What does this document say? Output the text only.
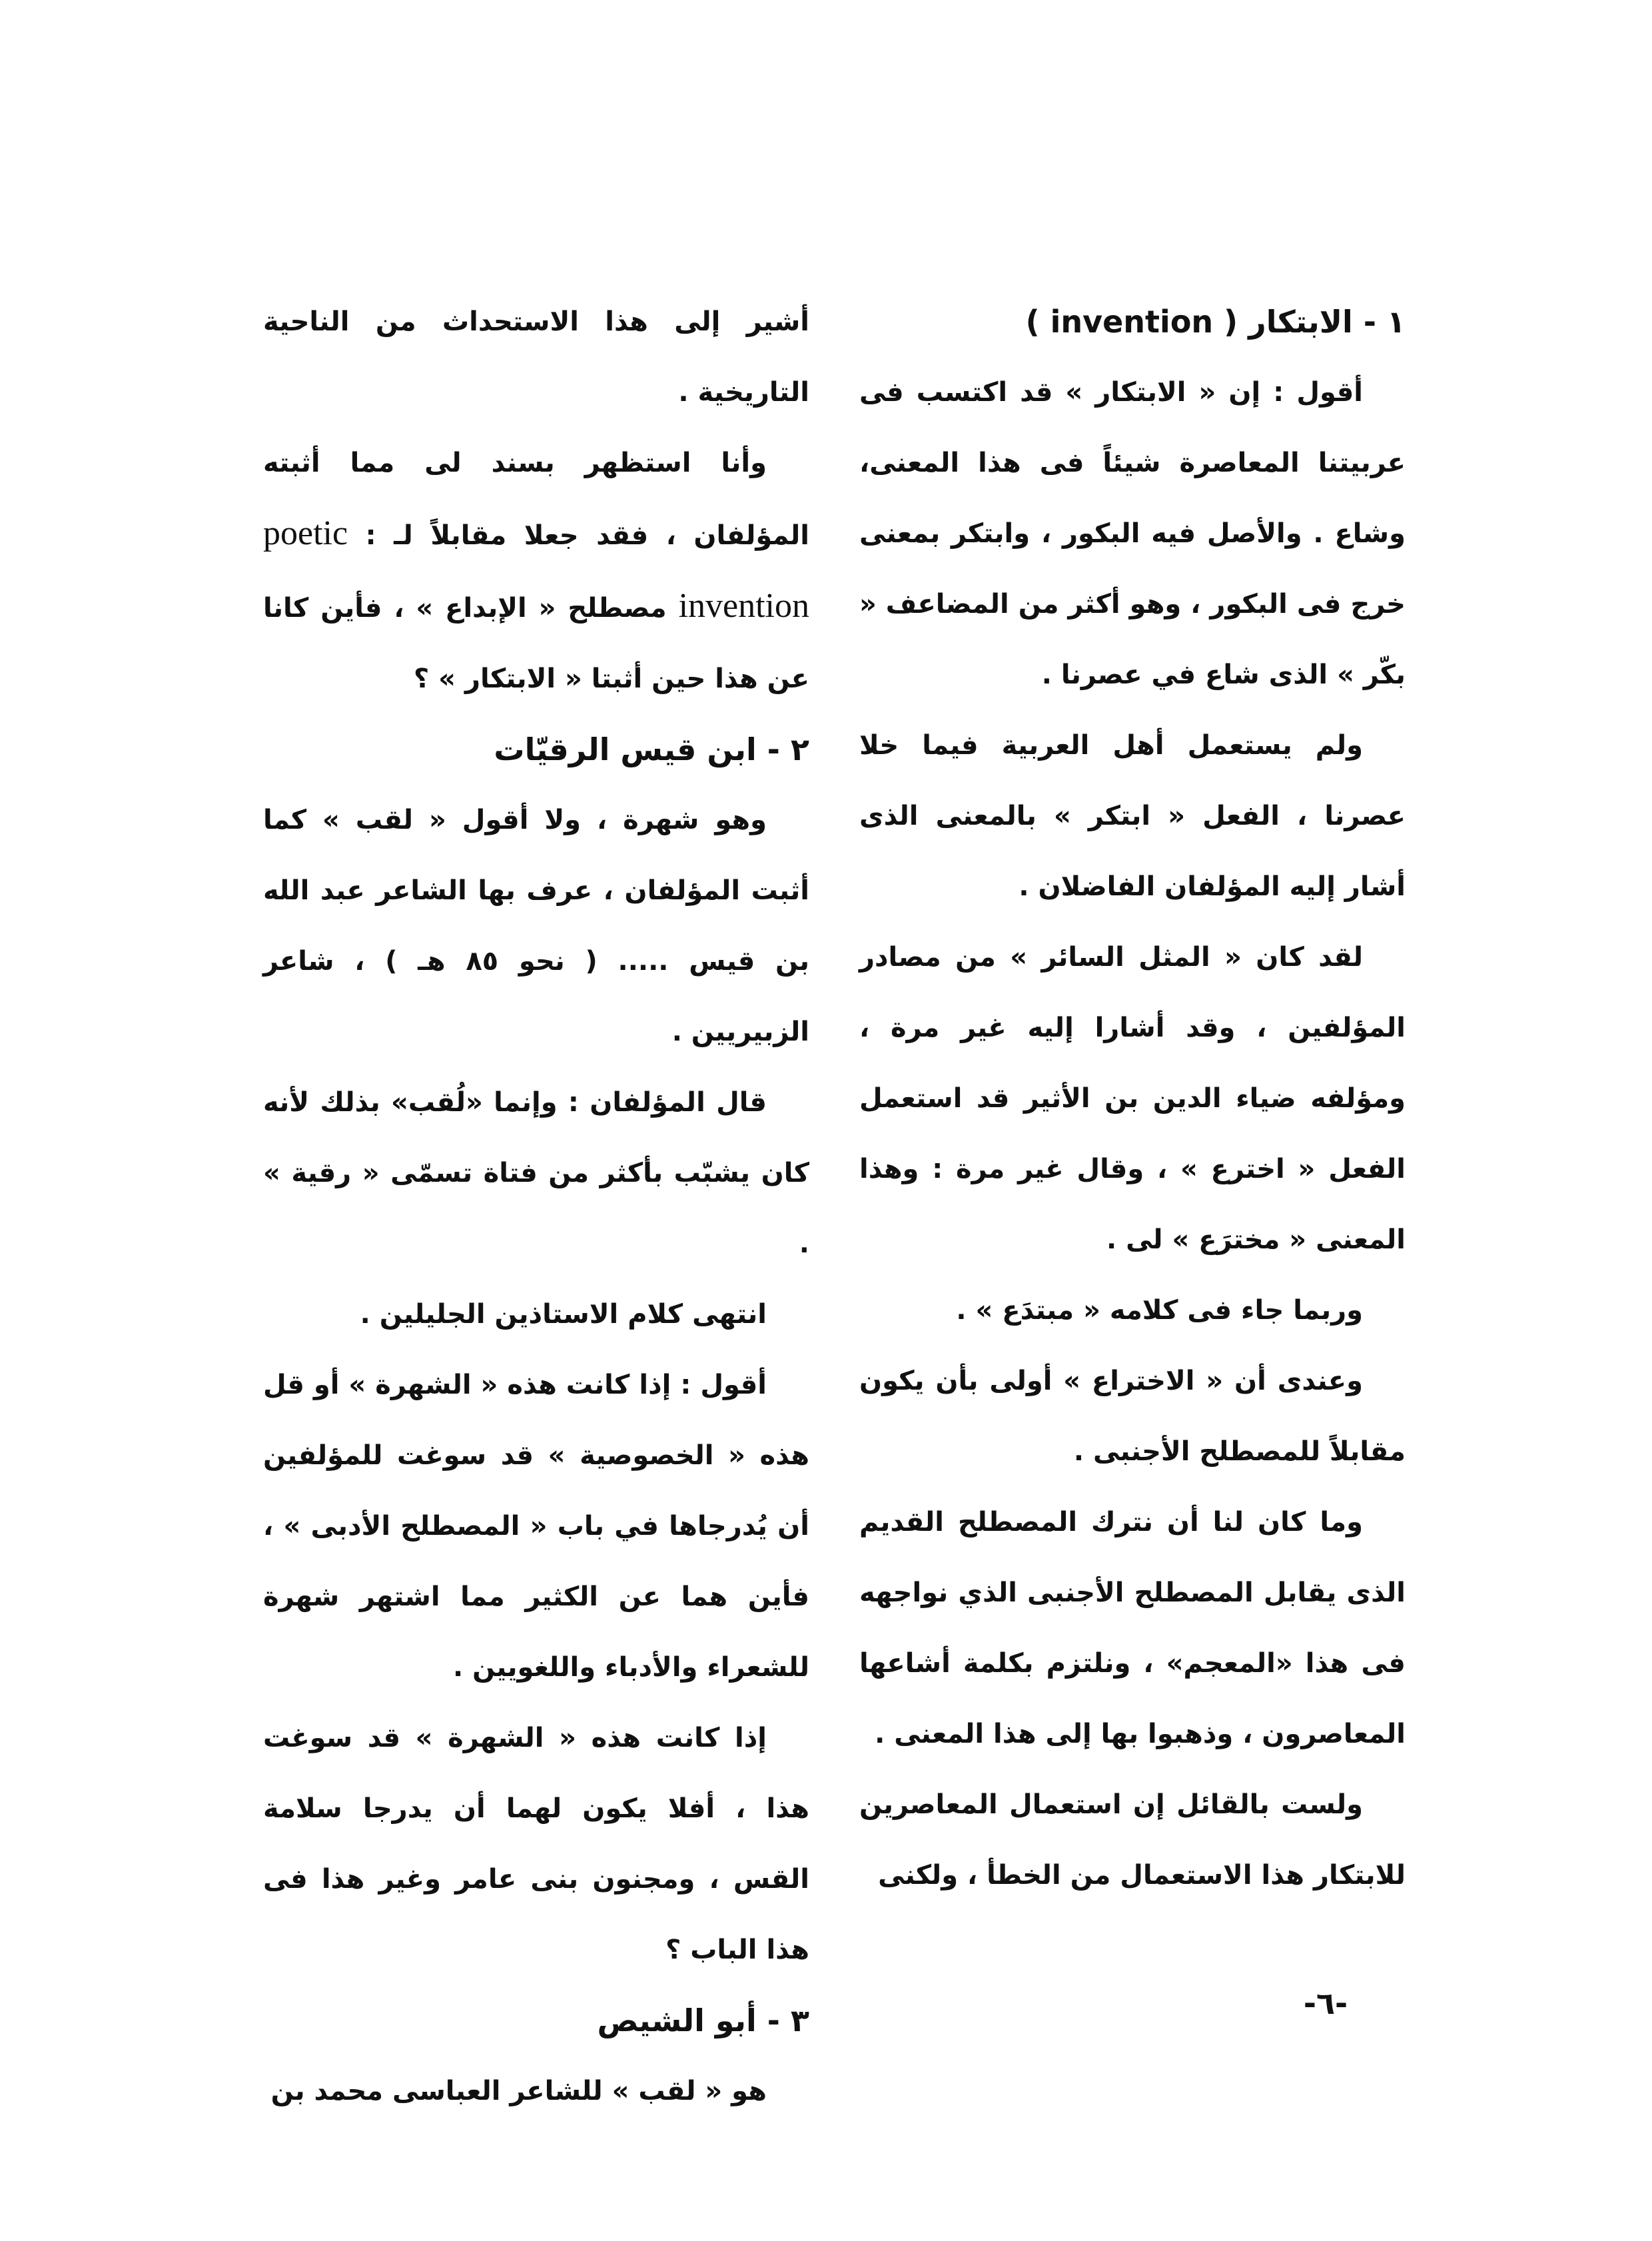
١ - الابتكار ( invention )

أقول : إن « الابتكار » قد اكتسب فى عربيتنا المعاصرة شيئاً فى هذا المعنى، وشاع . والأصل فيه البكور ، وابتكر بمعنى خرج فى البكور ، وهو أكثر من المضاعف « بكّر » الذى شاع في عصرنا .

ولم يستعمل أهل العربية فيما خلا عصرنا ، الفعل « ابتكر » بالمعنى الذى أشار إليه المؤلفان الفاضلان .

لقد كان « المثل السائر » من مصادر المؤلفين ، وقد أشارا إليه غير مرة ، ومؤلفه ضياء الدين بن الأثير قد استعمل الفعل « اخترع » ، وقال غير مرة : وهذا المعنى « مخترَع » لى .

وربما جاء فى كلامه « مبتدَع » .

وعندى أن « الاختراع » أولى بأن يكون مقابلاً للمصطلح الأجنبى .

وما كان لنا أن نترك المصطلح القديم الذى يقابل المصطلح الأجنبى الذي نواجهه فى هذا «المعجم» ، ونلتزم بكلمة أشاعها المعاصرون ، وذهبوا بها إلى هذا المعنى .

ولست بالقائل إن استعمال المعاصرين للابتكار هذا الاستعمال من الخطأ ، ولكنى

أشير إلى هذا الاستحداث من الناحية التاريخية .

وأنا استظهر بسند لى مما أثبته المؤلفان ، فقد جعلا مقابلاً لـ : poetic invention مصطلح « الإبداع » ، فأين كانا عن هذا حين أثبتا « الابتكار » ؟

٢ - ابن قيس الرقيّات

وهو شهرة ، ولا أقول « لقب » كما أثبت المؤلفان ، عرف بها الشاعر عبد الله بن قيس ..... ( نحو ٨٥ هـ ) ، شاعر الزبيريين .

قال المؤلفان : وإنما «لُقب» بذلك لأنه كان يشبّب بأكثر من فتاة تسمّى « رقية » .

انتهى كلام الاستاذين الجليلين .

أقول : إذا كانت هذه « الشهرة » أو قل هذه « الخصوصية » قد سوغت للمؤلفين أن يُدرجاها في باب « المصطلح الأدبى » ، فأين هما عن الكثير مما اشتهر شهرة للشعراء والأدباء واللغويين .

إذا كانت هذه « الشهرة » قد سوغت هذا ، أفلا يكون لهما أن يدرجا سلامة القس ، ومجنون بنى عامر وغير هذا فى هذا الباب ؟

٣ - أبو الشيص

هو « لقب » للشاعر العباسى محمد بن

-٦-
